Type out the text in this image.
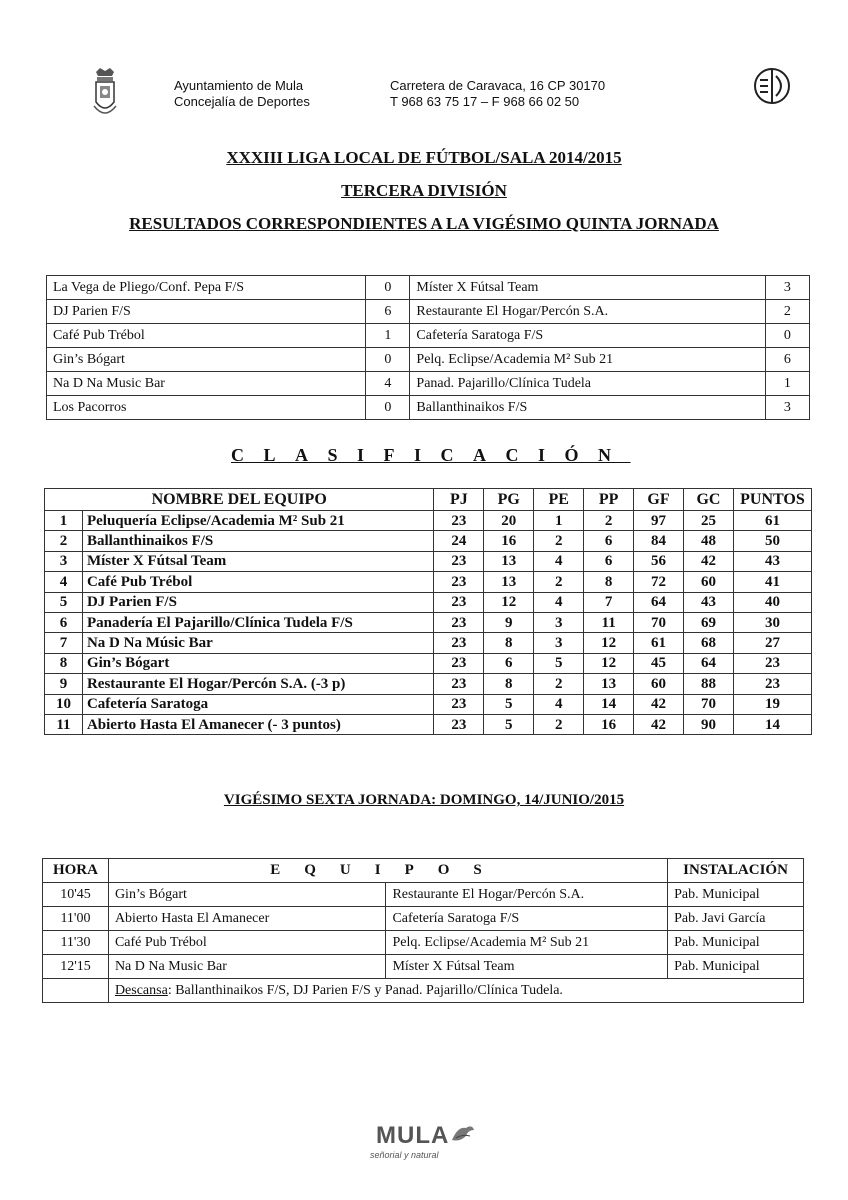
Ayuntamiento de Mula
Concejalía de Deportes
Carretera de Caravaca, 16 CP 30170
T 968 63 75 17 – F 968 66 02 50
XXXIII LIGA LOCAL DE FÚTBOL/SALA 2014/2015
TERCERA DIVISIÓN
RESULTADOS CORRESPONDIENTES A LA VIGÉSIMO QUINTA JORNADA
La Vega de Pliego/Conf. Pepa F/S	0	Míster X Fútsal Team	3
DJ Parien F/S	6	Restaurante El Hogar/Percón S.A.	2
Café Pub Trébol	1	Cafetería Saratoga F/S	0
Gin’s Bógart	0	Pelq. Eclipse/Academia M² Sub 21	6
Na D Na Music Bar	4	Panad. Pajarillo/Clínica Tudela	1
Los Pacorros	0	Ballanthinaikos F/S	3
CLASIFICACIÓN
NOMBRE DEL EQUIPO		PJ	PG	PE	PP	GF	GC	PUNTOS
1	Peluquería Eclipse/Academia M² Sub 21	23	20	1	2	97	25	61
2	Ballanthinaikos F/S	24	16	2	6	84	48	50
3	Míster X Fútsal Team	23	13	4	6	56	42	43
4	Café Pub Trébol	23	13	2	8	72	60	41
5	DJ Parien F/S	23	12	4	7	64	43	40
6	Panadería El Pajarillo/Clínica Tudela F/S	23	9	3	11	70	69	30
7	Na D Na Músic Bar	23	8	3	12	61	68	27
8	Gin’s Bógart	23	6	5	12	45	64	23
9	Restaurante El Hogar/Percón S.A. (-3 p)	23	8	2	13	60	88	23
10	Cafetería Saratoga	23	5	4	14	42	70	19
11	Abierto Hasta El Amanecer (- 3 puntos)	23	5	2	16	42	90	14
VIGÉSIMO SEXTA JORNADA: DOMINGO, 14/JUNIO/2015
HORA	EQUIPOS		INSTALACIÓN
10'45	Gin’s Bógart	Restaurante El Hogar/Percón S.A.	Pab. Municipal
11'00	Abierto Hasta El Amanecer	Cafetería Saratoga F/S	Pab. Javi García
11'30	Café Pub Trébol	Pelq. Eclipse/Academia M² Sub 21	Pab. Municipal
12'15	Na D Na Music Bar	Míster X Fútsal Team	Pab. Municipal
	Descansa: Ballanthinaikos F/S, DJ Parien F/S y Panad. Pajarillo/Clínica Tudela.		
MULA
señorial y natural
